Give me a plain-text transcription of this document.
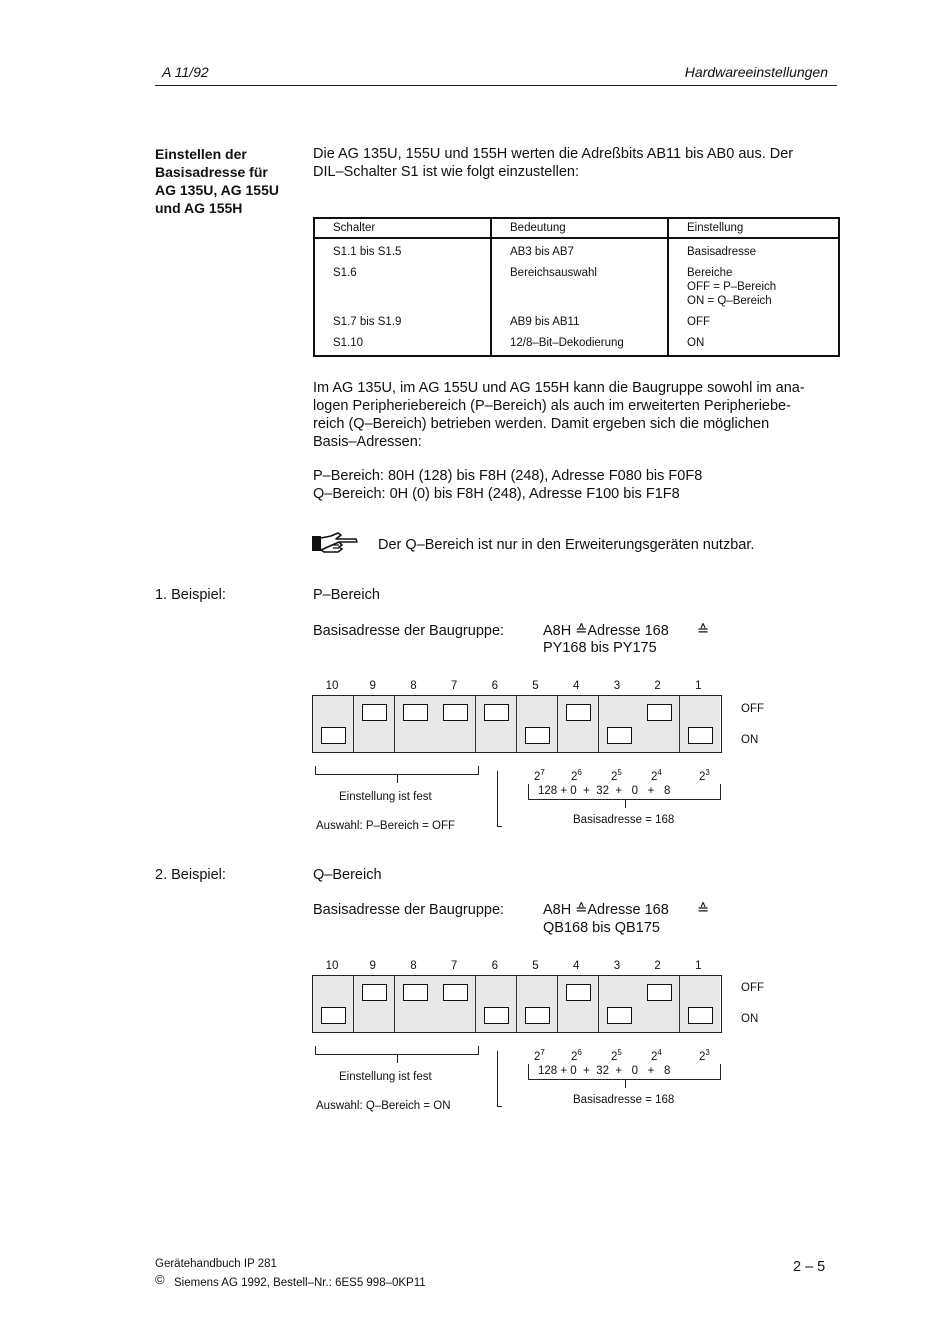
A 11/92	Hardwareeinstellungen
Einstellen der
Basisadresse für
AG 135U, AG 155U
und AG 155H
Die AG 135U, 155U und 155H werten die Adreßbits AB11 bis AB0 aus. Der
DIL–Schalter S1 ist wie folgt einzustellen:
Schalter	Bedeutung	Einstellung
S1.1 bis S1.5	AB3 bis AB7	Basisadresse
S1.6	Bereichsauswahl	Bereiche
OFF = P–Bereich
ON = Q–Bereich
S1.7 bis S1.9	AB9 bis AB11	OFF
S1.10	12/8–Bit–Dekodierung	ON
Im AG 135U, im AG 155U und AG 155H kann die Baugruppe sowohl im ana-
logen Peripheriebereich (P–Bereich) als auch im erweiterten Peripheriebe-
reich (Q–Bereich) betrieben werden. Damit ergeben sich die möglichen
Basis–Adressen:
P–Bereich: 80H (128) bis F8H (248), Adresse F080 bis F0F8
Q–Bereich: 0H (0) bis F8H (248), Adresse F100 bis F1F8
Der Q–Bereich ist nur in den Erweiterungsgeräten nutzbar.
1. Beispiel:	P–Bereich
Basisadresse der Baugruppe:	A8H ≙Adresse 168 ≙
PY168 bis PY175
10	9	8	7	6	5	4	3	2	1
OFF
ON
Einstellung ist fest
Auswahl: P–Bereich = OFF
$2^7$ $2^6$	$2^5$	$2^4$	$2^3$
128 + 0  +  32  +   0   +   8
Basisadresse = 168
2. Beispiel:	Q–Bereich
Basisadresse der Baugruppe:	A8H ≙Adresse 168 ≙
QB168 bis QB175
10	9	8	7	6	5	4	3	2	1
OFF
ON
Einstellung ist fest
Auswahl: Q–Bereich = ON
$2^7$ $2^6$	$2^5$	$2^4$	$2^3$
128 + 0  +  32  +   0   +   8
Basisadresse = 168
Gerätehandbuch IP 281
© Siemens AG 1992, Bestell–Nr.: 6ES5 998–0KP11
2 – 5
